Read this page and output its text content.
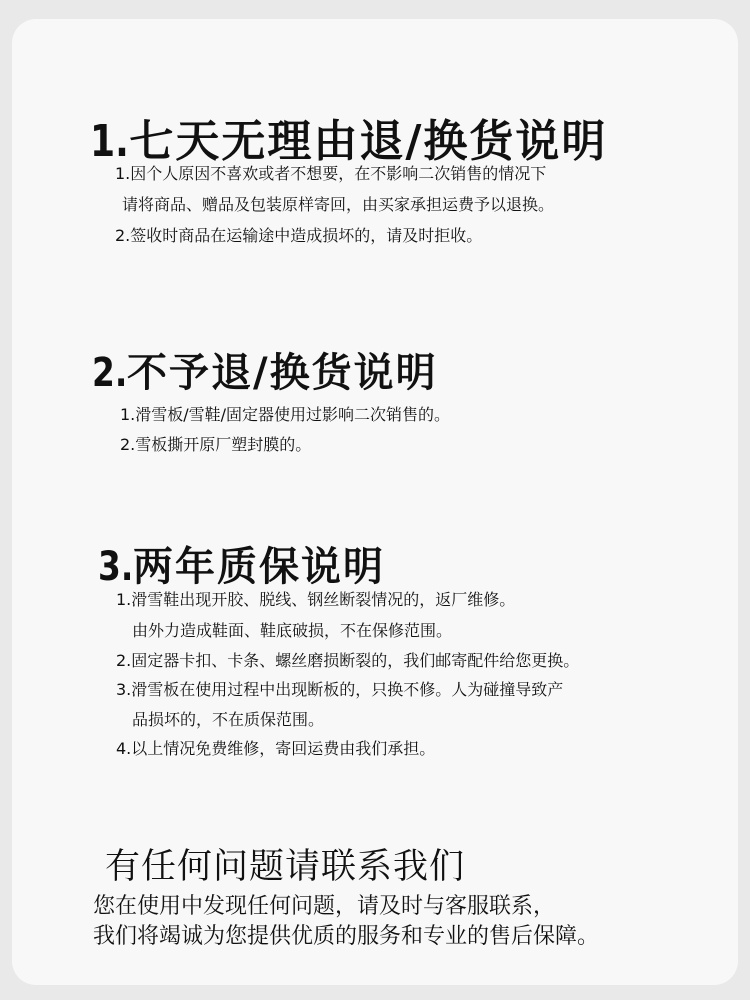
1.七天无理由退/换货说明

1.因个人原因不喜欢或者不想要，在不影响二次销售的情况下

请将商品、赠品及包装原样寄回，由买家承担运费予以退换。

2.签收时商品在运输途中造成损坏的，请及时拒收。

2.不予退/换货说明

1.滑雪板/雪鞋/固定器使用过影响二次销售的。

2.雪板撕开原厂塑封膜的。

3.两年质保说明

1.滑雪鞋出现开胶、脱线、钢丝断裂情况的，返厂维修。

由外力造成鞋面、鞋底破损，不在保修范围。

2.固定器卡扣、卡条、螺丝磨损断裂的，我们邮寄配件给您更换。

3.滑雪板在使用过程中出现断板的，只换不修。人为碰撞导致产

品损坏的，不在质保范围。

4.以上情况免费维修，寄回运费由我们承担。

有任何问题请联系我们

您在使用中发现任何问题，请及时与客服联系，

我们将竭诚为您提供优质的服务和专业的售后保障。
